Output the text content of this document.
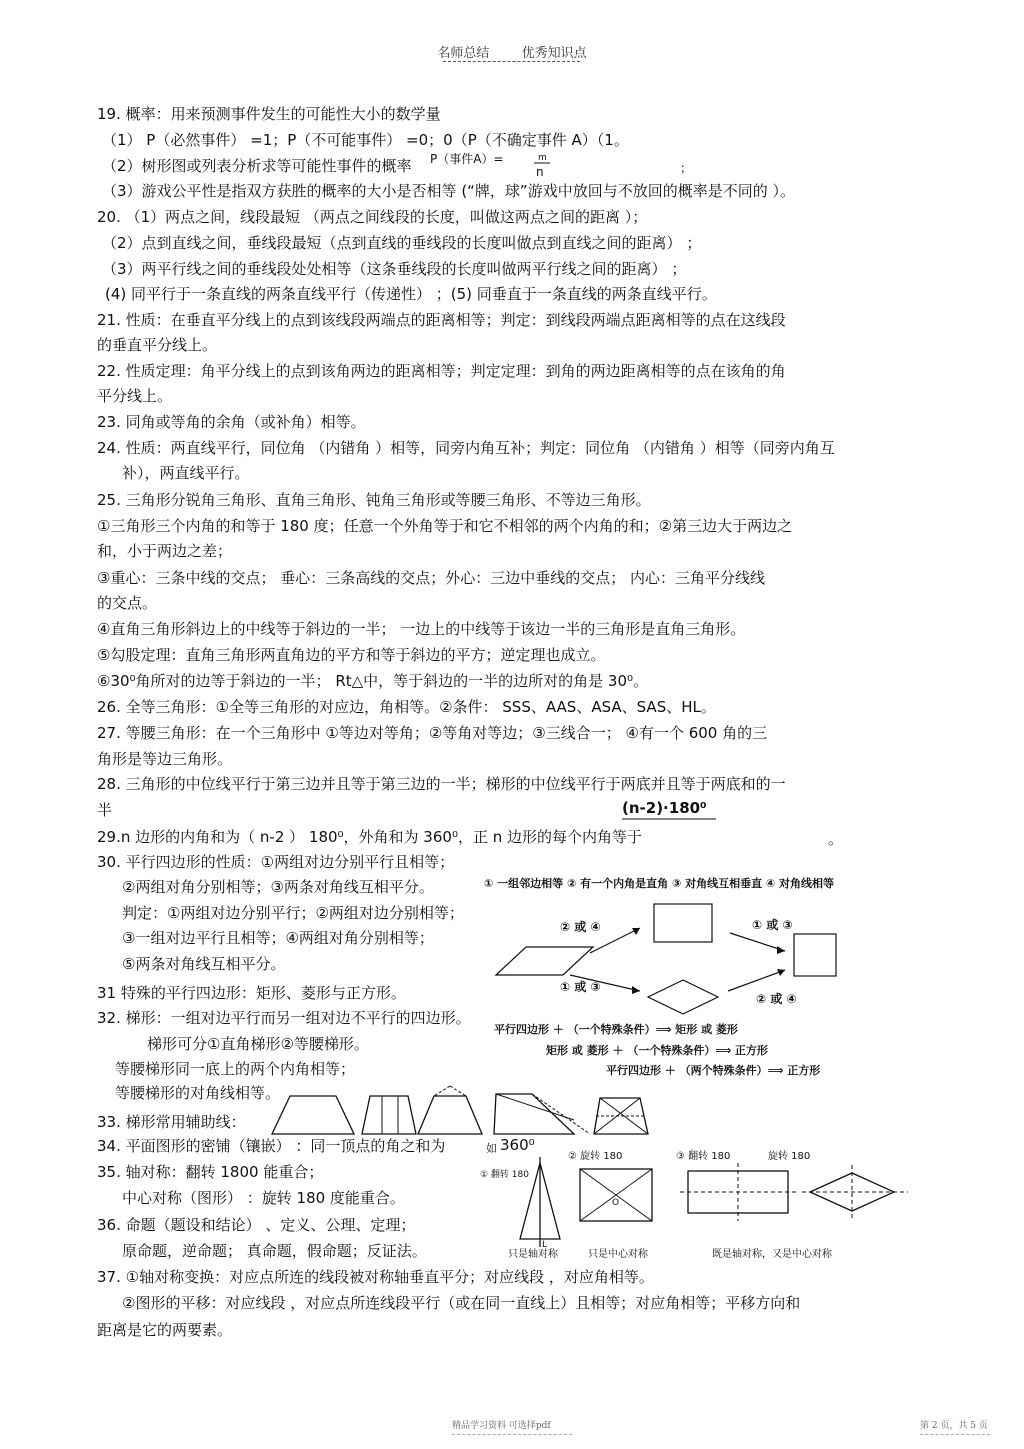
名师总结 优秀知识点
19. 概率：用来预测事件发生的可能性大小的数学量
（1） P（必然事件） =1；P（不可能事件） =0；0（P（不确定事件 A）（1。
（2）树形图或列表分析求等可能性事件的概率
（3）游戏公平性是指双方获胜的概率的大小是否相等 (“牌，球”游戏中放回与不放回的概率是不同的 ）。
20. （1）两点之间，线段最短 （两点之间线段的长度，叫做这两点之间的距离 ）；
（2）点到直线之间，垂线段最短（点到直线的垂线段的长度叫做点到直线之间的距离） ；
（3）两平行线之间的垂线段处处相等（这条垂线段的长度叫做两平行线之间的距离） ；
(4) 同平行于一条直线的两条直线平行（传递性） ；(5) 同垂直于一条直线的两条直线平行。
21. 性质：在垂直平分线上的点到该线段两端点的距离相等；判定：到线段两端点距离相等的点在这线段
的垂直平分线上。
22. 性质定理：角平分线上的点到该角两边的距离相等；判定定理：到角的两边距离相等的点在该角的角
平分线上。
23. 同角或等角的余角（或补角）相等。
24. 性质：两直线平行，同位角 （内错角 ）相等，同旁内角互补；判定：同位角 （内错角 ）相等（同旁内角互
补），两直线平行。
25. 三角形分锐角三角形、直角三角形、钝角三角形或等腰三角形、不等边三角形。
①三角形三个内角的和等于 180 度；任意一个外角等于和它不相邻的两个内角的和；②第三边大于两边之
和，小于两边之差；
③重心：三条中线的交点； 垂心：三条高线的交点；外心：三边中垂线的交点； 内心：三角平分线线
的交点。
④直角三角形斜边上的中线等于斜边的一半； 一边上的中线等于该边一半的三角形是直角三角形。
⑤勾股定理：直角三角形两直角边的平方和等于斜边的平方；逆定理也成立。
⑥30⁰角所对的边等于斜边的一半； Rt△中，等于斜边的一半的边所对的角是 30⁰。
26. 全等三角形：①全等三角形的对应边，角相等。②条件： SSS、AAS、ASA、SAS、HL。
27. 等腰三角形：在一个三角形中 ①等边对等角；②等角对等边；③三线合一； ④有一个 600 角的三
角形是等边三角形。
28. 三角形的中位线平行于第三边并且等于第三边的一半；梯形的中位线平行于两底并且等于两底和的一
半
29.n 边形的内角和为（ n-2 ） 180⁰，外角和为 360⁰，正 n 边形的每个内角等于
30. 平行四边形的性质：①两组对边分别平行且相等；
②两组对角分别相等；③两条对角线互相平分。
判定：①两组对边分别平行；②两组对边分别相等；
③一组对边平行且相等；④两组对角分别相等；
⑤两条对角线互相平分。
31 特殊的平行四边形：矩形、菱形与正方形。
32. 梯形：一组对边平行而另一组对边不平行的四边形。
梯形可分①直角梯形②等腰梯形。
等腰梯形同一底上的两个内角相等；
等腰梯形的对角线相等。
33. 梯形常用辅助线：
34. 平面图形的密铺（镶嵌） ：同一顶点的角之和为
35. 轴对称：翻转 1800 能重合；
中心对称（图形） ：旋转 180 度能重合。
36. 命题（题设和结论） 、定义、公理、定理；
原命题，逆命题； 真命题，假命题；反证法。
37. ①轴对称变换：对应点所连的线段被对称轴垂直平分；对应线段 ，对应角相等。
②图形的平移：对应线段 ，对应点所连线段平行（或在同一直线上）且相等；对应角相等；平移方向和
距离是它的两要素。
P（事件A）=	m
n	；
(n-2)·180⁰
。
如 360⁰
① 一组邻边相等 ② 有一个内角是直角 ③ 对角线互相垂直 ④ 对角线相等
② 或 ④	① 或 ③
① 或 ③
② 或 ④
平行四边形 ＋ （一个特殊条件）⟹ 矩形 或 菱形
矩形 或 菱形 ＋ （一个特殊条件）⟹ 正方形
平行四边形 ＋ （两个特殊条件）⟹ 正方形
① 翻转 180
L
② 旋转 180
O
③ 翻转 180	旋转 180
只是轴对称	只是中心对称	既是轴对称，又是中心对称
精品学习资料 可选择pdf	第 2 页，共 5 页
